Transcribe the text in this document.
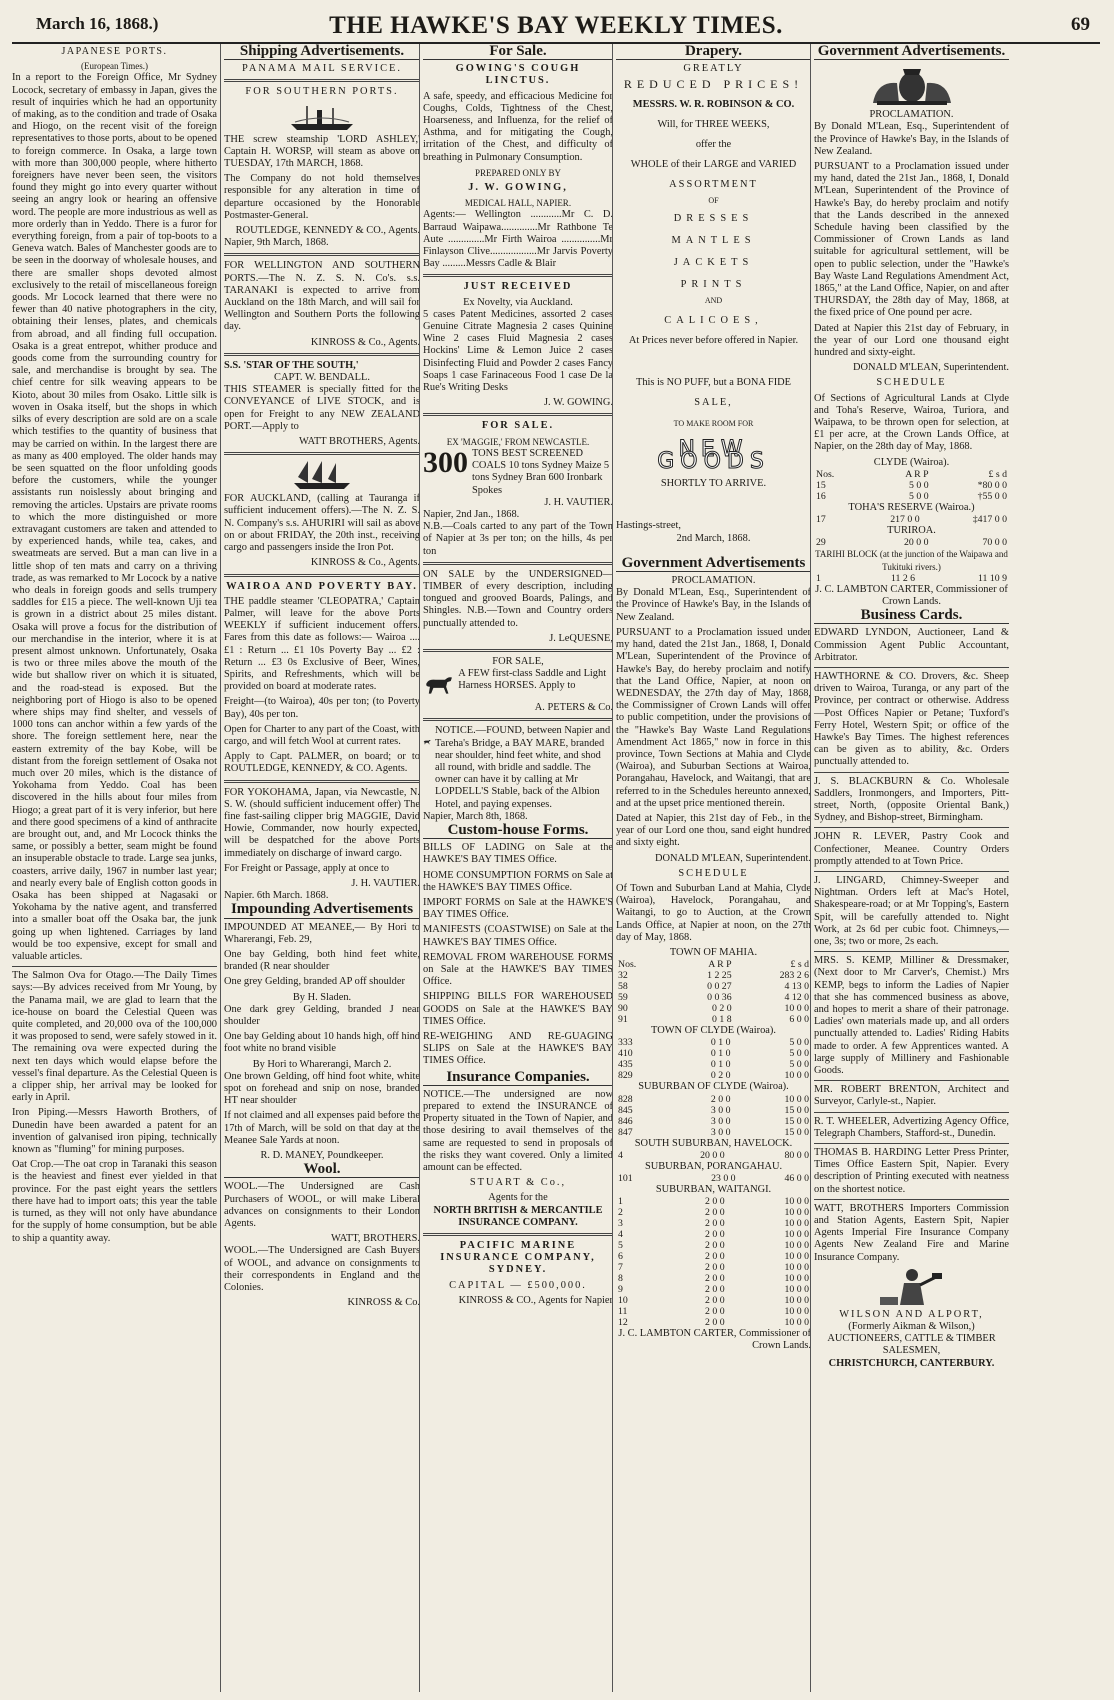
March 16, 1868.)	THE HAWKE'S BAY WEEKLY TIMES.	69
JAPANESE PORTS.
(European Times.)

In a report to the Foreign Office, Mr Sydney Locock, secretary of embassy in Japan, gives the result of inquiries which he had an opportunity of making, as to the condition and trade of Osaka and Hiogo, on the recent visit of the foreign representatives to those ports, about to be opened to foreign commerce. In Osaka, a large town with more than 300,000 people, where hitherto foreigners have never been seen, the visitors found they might go into every quarter without seeing an angry look or hearing an offensive word. The people are more industrious as well as more orderly than in Yeddo. There is a furor for everything foreign, from a pair of top-boots to a Geneva watch. Bales of Manchester goods are to be seen in the doorway of wholesale houses, and there are smaller shops devoted almost exclusively to the retail of miscellaneous foreign goods. Mr Locock learned that there were no fewer than 40 native photographers in the city, obtaining their lenses, plates, and chemicals from abroad, and all finding full occupation. Osaka is a great entrepot, whither produce and goods come from the surrounding country for sale, and merchandise is brought by sea. The chief centre for silk weaving appears to be Kioto, about 30 miles from Osako. Little silk is woven in Osaka itself, but the shops in which silks of every description are sold are on a scale which testifies to the quantity of business that may be carried on within. In the largest there are as many as 400 employed. The older hands may be seen squatted on the floor unfolding goods before the customers, while the younger assistants run noislessly about bringing and removing the articles. Upstairs are private rooms to which the more distinguished or more extravagant customers are taken and attended to by experienced hands, while tea, cakes, and sweatmeats are served. But a man can live in a little shop of ten mats and carry on a thriving trade, as was remarked to Mr Locock by a native who deals in foreign goods and sells trumpery saddles for £15 a piece. The well-known Uji tea is grown in a district about 25 miles distant. Osaka will prove a focus for the distribution of our merchandise in the interior, where it is at present almost unknown. Unfortunately, Osaka is two or three miles above the mouth of the wide but shallow river on which it is situated, and the road-stead is exposed. But the neighboring port of Hiogo is also to be opened where ships may find shelter, and vessels of 1000 tons can anchor within a few yards of the shore. The foreign settlement here, near the eastern extremity of the bay Kobe, will be distant from the foreign settlement of Osaka not much over 20 miles, which is the distance of Yokohama from Yeddo. Coal has been discovered in the hills about four miles from Hiogo; a great part of it is very inferior, but here and there good specimens of a kind of anthracite are brought out, and, and Mr Locock thinks the same, or possibly a better, seam might be found an insuperable obstacle to trade. Large sea junks, coasters, arrive daily, 1967 in number last year; and nearly every bale of English cotton goods in Osaka has been shipped at Nagasaki or Yokohama by the native agent, and transferred into a smaller boat off the Osaka bar, the junk going up when lightened. Carriages by land would be too expensive, except for small and valuable articles.

The Salmon Ova for Otago.—The Daily Times says:—By advices received from Mr Young, by the Panama mail, we are glad to learn that the ice-house on board the Celestial Queen was quite completed, and 20,000 ova of the 100,000 it was proposed to send, were safely stowed in it. The remaining ova were expected during the next ten days which would elapse before the vessel's final departure. As the Celestial Queen is a clipper ship, her arrival may be looked for early in April.

Iron Piping.—Messrs Haworth Brothers, of Dunedin have been awarded a patent for an invention of galvanised iron piping, technically known as "fluming" for mining purposes.

Oat Crop.—The oat crop in Taranaki this season is the heaviest and finest ever yielded in that province. For the past eight years the settlers there have had to import oats; this year the table is turned, as they will not only have abundance for the supply of home consumption, but be able to ship a quantity away.

Shipping Advertisements.
PANAMA MAIL SERVICE.
FOR SOUTHERN PORTS.

THE screw steamship 'LORD ASHLEY,' Captain H. WORSP, will steam as above on TUESDAY, 17th MARCH, 1868.

The Company do not hold themselves responsible for any alteration in time of departure occasioned by the Honorable Postmaster-General.

ROUTLEDGE, KENNEDY & CO., Agents.
Napier, 9th March, 1868.

FOR WELLINGTON AND SOUTHERN PORTS.—The N. Z. S. N. Co's. s.s. TARANAKI is expected to arrive from Auckland on the 18th March, and will sail for Wellington and Southern Ports the following day.

KINROSS & Co., Agents.
S.S. 'STAR OF THE SOUTH,'
CAPT. W. BENDALL.

THIS STEAMER is specially fitted for the CONVEYANCE of LIVE STOCK, and is open for Freight to any NEW ZEALAND PORT.—Apply to

WATT BROTHERS, Agents.

FOR AUCKLAND, (calling at Tauranga if sufficient inducement offers).—The N. Z. S. N. Company's s.s. AHURIRI will sail as above on or about FRIDAY, the 20th inst., receiving cargo and passengers inside the Iron Pot.

KINROSS & Co., Agents.
WAIROA AND POVERTY BAY.

THE paddle steamer 'CLEOPATRA,' Captain Palmer, will leave for the above Ports WEEKLY if sufficient inducement offers. Fares from this date as follows:— Wairoa .... £1 : Return ... £1 10s Poverty Bay ... £2 : Return ... £3 0s Exclusive of Beer, Wines, Spirits, and Refreshments, which will be provided on board at moderate rates.

Freight—(to Wairoa), 40s per ton; (to Poverty Bay), 40s per ton.

Open for Charter to any part of the Coast, with cargo, and will fetch Wool at current rates.

Apply to Capt. PALMER, on board; or to ROUTLEDGE, KENNEDY, & CO. Agents.

FOR YOKOHAMA, Japan, via Newcastle, N. S. W. (should sufficient inducement offer) The fine fast-sailing clipper brig MAGGIE, David Howie, Commander, now hourly expected, will be despatched for the above Ports immediately on discharge of inward cargo.

For Freight or Passage, apply at once to

J. H. VAUTIER.
Napier. 6th March. 1868.
Impounding Advertisements

IMPOUNDED AT MEANEE,— By Hori to Wharerangi, Feb. 29,

One bay Gelding, both hind feet white, branded (R near shoulder

One grey Gelding, branded AP off shoulder

By H. Sladen.

One dark grey Gelding, branded J near shoulder

One bay Gelding about 10 hands high, off hind foot white no brand visible

By Hori to Wharerangi, March 2.

One brown Gelding, off hind foot white, white spot on forehead and snip on nose, branded HT near shoulder

If not claimed and all expenses paid before the 17th of March, will be sold on that day at the Meanee Sale Yards at noon.

R. D. MANEY, Poundkeeper.
Wool.

WOOL.—The Undersigned are Cash Purchasers of WOOL, or will make Liberal advances on consignments to their London Agents.

WATT, BROTHERS.

WOOL.—The Undersigned are Cash Buyers of WOOL, and advance on consignments to their correspondents in England and the Colonies.

KINROSS & Co.
For Sale.
GOWING'S COUGH LINCTUS.

A safe, speedy, and efficacious Medicine for Coughs, Colds, Tightness of the Chest, Hoarseness, and Influenza, for the relief of Asthma, and for mitigating the Cough, irritation of the Chest, and difficulty of breathing in Pulmonary Consumption.

PREPARED ONLY BY
J. W. GOWING,
MEDICAL HALL, NAPIER.

Agents:— Wellington ............Mr C. D. Barraud Waipawa..............Mr Rathbone Te Aute ..............Mr Firth Wairoa ...............Mr Finlayson Clive..................Mr Jarvis Poverty Bay .........Messrs Cadle & Blair

JUST RECEIVED
Ex Novelty, via Auckland.

5 cases Patent Medicines, assorted 2 cases Genuine Citrate Magnesia 2 cases Quinine Wine 2 cases Fluid Magnesia 2 cases Hockins' Lime & Lemon Juice 2 cases Disinfecting Fluid and Powder 2 cases Fancy Soaps 1 case Farinaceous Food 1 case De la Rue's Writing Desks

J. W. GOWING.
FOR SALE.
EX 'MAGGIE,' FROM NEWCASTLE.
300 TONS BEST SCREENED COALS 10 tons Sydney Maize 5 tons Sydney Bran 600 Ironbark Spokes
J. H. VAUTIER.
Napier, 2nd Jan., 1868.

N.B.—Coals carted to any part of the Town of Napier at 3s per ton; on the hills, 4s per ton

ON SALE by the UNDERSIGNED— TIMBER of every description, including tongued and grooved Boards, Palings, and Shingles. N.B.—Town and Country orders punctually attended to.

J. LeQUESNE,
FOR SALE,
A FEW first-class Saddle and Light Harness HORSES. Apply to
A. PETERS & Co.
NOTICE.—FOUND, between Napier and Tareha's Bridge, a BAY MARE, branded near shoulder, hind feet white, and shod all round, with bridle and saddle. The owner can have it by calling at Mr LOPDELL'S Stable, back of the Albion Hotel, and paying expenses.
Napier, March 8th, 1868.
Custom-house Forms.

BILLS OF LADING on Sale at the HAWKE'S BAY TIMES Office.

HOME CONSUMPTION FORMS on Sale at the HAWKE'S BAY TIMES Office.

IMPORT FORMS on Sale at the HAWKE'S BAY TIMES Office.

MANIFESTS (COASTWISE) on Sale at the HAWKE'S BAY TIMES Office.

REMOVAL FROM WAREHOUSE FORMS on Sale at the HAWKE'S BAY TIMES Office.

SHIPPING BILLS FOR WAREHOUSED GOODS on Sale at the HAWKE'S BAY TIMES Office.

RE-WEIGHING AND RE-GUAGING SLIPS on Sale at the HAWKE'S BAY TIMES Office.

Insurance Companies.

NOTICE.—The undersigned are now prepared to extend the INSURANCE of Property situated in the Town of Napier, and those desiring to avail themselves of the same are requested to send in proposals of the risks they want covered. Only a limited amount can be effected.

STUART & Co.,
Agents for the
NORTH BRITISH & MERCANTILE INSURANCE COMPANY.
PACIFIC MARINE INSURANCE COMPANY, SYDNEY.
CAPITAL — £500,000.
KINROSS & CO., Agents for Napier
Drapery.
GREATLY
REDUCED PRICES!
MESSRS. W. R. ROBINSON & CO.
Will, for THREE WEEKS,
offer the
WHOLE of their LARGE and VARIED
ASSORTMENT
OF
DRESSES
MANTLES
JACKETS
PRINTS
AND
CALICOES,
At Prices never before offered in Napier.
This is NO PUFF, but a BONA FIDE
SALE,
TO MAKE ROOM FOR
NEW GOODS
SHORTLY TO ARRIVE.
Hastings-street,
2nd March, 1868.
Government Advertisements
PROCLAMATION.

By Donald M'Lean, Esq., Superintendent of the Province of Hawke's Bay, in the Islands of New Zealand.

PURSUANT to a Proclamation issued under my hand, dated the 21st Jan., 1868, I, Donald M'Lean, Superintendent of the Province of Hawke's Bay, do hereby proclaim and notify that the Land Office, Napier, at noon on WEDNESDAY, the 27th day of May, 1868, the Commissigner of Crown Lands will offer to public competition, under the provisions of the "Hawke's Bay Waste Land Regulations Amendment Act 1865," now in force in this province, Town Sections at Mahia and Clyde (Wairoa), and Suburban Sections at Wairoa, Porangahau, Havelock, and Waitangi, that are referred to in the Schedules hereunto annexed, and at the upset price mentioned therein.

Dated at Napier, this 21st day of Feb., in the year of our Lord one thou, sand eight hundred and sixty eight.

DONALD M'LEAN, Superintendent.
SCHEDULE

Of Town and Suburban Land at Mahia, Clyde (Wairoa), Havelock, Porangahau, and Waitangi, to go to Auction, at the Crown Lands Office, at Napier at noon, on the 27th day of May, 1868.

TOWN OF MAHIA.
Nos.	A R P	£ s d
32	1 2 25	283 2 6
58	0 0 27	4 13 0
59	0 0 36	4 12 0
90	0 2 0	10 0 0
91	0 1 8	6 0 0
TOWN OF CLYDE (Wairoa).
333	0 1 0	5 0 0
410	0 1 0	5 0 0
435	0 1 0	5 0 0
829	0 2 0	10 0 0
SUBURBAN OF CLYDE (Wairoa).
828	2 0 0	10 0 0
845	3 0 0	15 0 0
846	3 0 0	15 0 0
847	3 0 0	15 0 0
SOUTH SUBURBAN, HAVELOCK.
4	20 0 0	80 0 0
SUBURBAN, PORANGAHAU.
101	23 0 0	46 0 0
SUBURBAN, WAITANGI.
1	2 0 0	10 0 0
2	2 0 0	10 0 0
3	2 0 0	10 0 0
4	2 0 0	10 0 0
5	2 0 0	10 0 0
6	2 0 0	10 0 0
7	2 0 0	10 0 0
8	2 0 0	10 0 0
9	2 0 0	10 0 0
10	2 0 0	10 0 0
11	2 0 0	10 0 0
12	2 0 0	10 0 0
J. C. LAMBTON CARTER, Commissioner of Crown Lands.
Government Advertisements.
PROCLAMATION.

By Donald M'Lean, Esq., Superintendent of the Province of Hawke's Bay, in the Islands of New Zealand.

PURSUANT to a Proclamation issued under my hand, dated the 21st Jan., 1868, I, Donald M'Lean, Superintendent of the Province of Hawke's Bay, do hereby proclaim and notify that the Lands described in the annexed Schedule having been classified by the Commissioner of Crown Lands as land suitable for agricultural settlement, will be open to public selection, under the "Hawke's Bay Waste Land Regulations Amendment Act, 1865," at the Land Office, Napier, on and after THURSDAY, the 28th day of May, 1868, at the fixed price of One pound per acre.

Dated at Napier this 21st day of February, in the year of our Lord one thousand eight hundred and sixty-eight.

DONALD M'LEAN, Superintendent.
SCHEDULE

Of Sections of Agricultural Lands at Clyde and Toha's Reserve, Wairoa, Turiora, and Waipawa, to be thrown open for selection, at £1 per acre, at the Crown Lands Office, at Napier, on the 28th day of May, 1868.

CLYDE (Wairoa).
Nos.	A R P	£ s d
15	5 0 0	*80 0 0
16	5 0 0	†55 0 0
TOHA'S RESERVE (Wairoa.)
17	217 0 0	‡417 0 0
TURIROA.
29	20 0 0	70 0 0
TARIHI BLOCK (at the junction of the Waipawa and Tukituki rivers.)
1	11 2 6	11 10 9
J. C. LAMBTON CARTER, Commissioner of Crown Lands.
Business Cards.

EDWARD LYNDON, Auctioneer, Land & Commission Agent Public Accountant, Arbitrator.

HAWTHORNE & CO. Drovers, &c. Sheep driven to Wairoa, Turanga, or any part of the Province, per contract or otherwise. Address —Post Offices Napier or Petane; Tuxford's Ferry Hotel, Western Spit; or office of the Hawke's Bay Times. The highest references can be given as to ability, &c. Orders punctually attended to.

J. S. BLACKBURN & Co. Wholesale Saddlers, Ironmongers, and Importers, Pitt-street, North, (opposite Oriental Bank,) Sydney, and Bishop-street, Birmingham.

JOHN R. LEVER, Pastry Cook and Confectioner, Meanee. Country Orders promptly attended to at Town Price.

J. LINGARD, Chimney-Sweeper and Nightman. Orders left at Mac's Hotel, Shakespeare-road; or at Mr Topping's, Eastern Spit, will be carefully attended to. Night Work, at 2s 6d per cubic foot. Chimneys,—one, 3s; two or more, 2s each.

MRS. S. KEMP, Milliner & Dressmaker, (Next door to Mr Carver's, Chemist.) Mrs KEMP, begs to inform the Ladies of Napier that she has commenced business as above, and hopes to merit a share of their patronage. Ladies' own materials made up, and all orders punctually attended to. Ladies' Riding Habits made to order. A few Apprentices wanted. A large supply of Millinery and Fashionable Goods.

MR. ROBERT BRENTON, Architect and Surveyor, Carlyle-st., Napier.

R. T. WHEELER, Advertizing Agency Office, Telegraph Chambers, Stafford-st., Dunedin.

THOMAS B. HARDING Letter Press Printer, Times Office Eastern Spit, Napier. Every description of Printing executed with neatness on the shortest notice.

WATT, BROTHERS Importers Commission and Station Agents, Eastern Spit, Napier Agents Imperial Fire Insurance Company Agents New Zealand Fire and Marine Insurance Company.

WILSON AND ALPORT,
(Formerly Aikman & Wilson,)
AUCTIONEERS, CATTLE & TIMBER SALESMEN,
CHRISTCHURCH, CANTERBURY.
